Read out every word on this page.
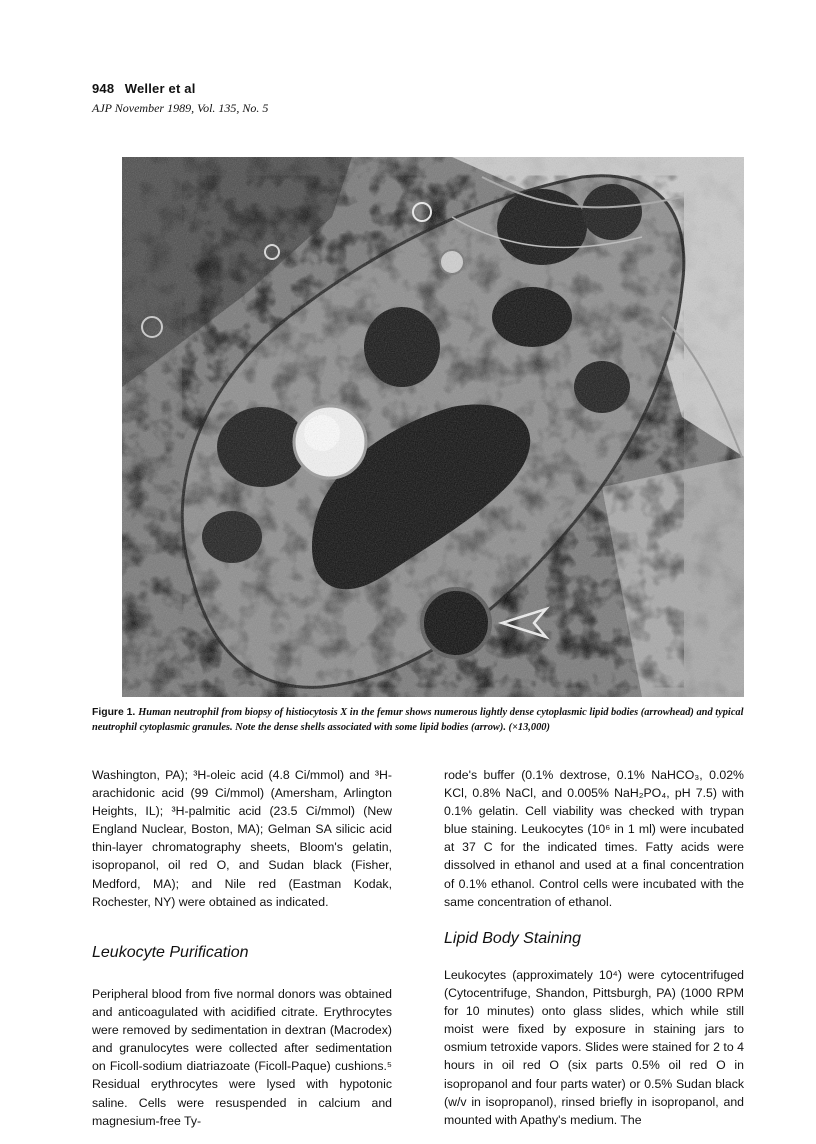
948 Weller et al
AJP November 1989, Vol. 135, No. 5
Figure 1. Human neutrophil from biopsy of histiocytosis X in the femur shows numerous lightly dense cytoplasmic lipid bodies (arrowhead) and typical neutrophil cytoplasmic granules. Note the dense shells associated with some lipid bodies (arrow). (×13,000)

Washington, PA); ³H-oleic acid (4.8 Ci/mmol) and ³H-arachidonic acid (99 Ci/mmol) (Amersham, Arlington Heights, IL); ³H-palmitic acid (23.5 Ci/mmol) (New England Nuclear, Boston, MA); Gelman SA silicic acid thin-layer chromatography sheets, Bloom's gelatin, isopropanol, oil red O, and Sudan black (Fisher, Medford, MA); and Nile red (Eastman Kodak, Rochester, NY) were obtained as indicated.

Leukocyte Purification
Peripheral blood from five normal donors was obtained and anticoagulated with acidified citrate. Erythrocytes were removed by sedimentation in dextran (Macrodex) and granulocytes were collected after sedimentation on Ficoll-sodium diatriazoate (Ficoll-Paque) cushions.⁵ Residual erythrocytes were lysed with hypotonic saline. Cells were resuspended in calcium and magnesium-free Ty-

rode's buffer (0.1% dextrose, 0.1% NaHCO₃, 0.02% KCl, 0.8% NaCl, and 0.005% NaH₂PO₄, pH 7.5) with 0.1% gelatin. Cell viability was checked with trypan blue staining. Leukocytes (10⁶ in 1 ml) were incubated at 37 C for the indicated times. Fatty acids were dissolved in ethanol and used at a final concentration of 0.1% ethanol. Control cells were incubated with the same concentration of ethanol.

Lipid Body Staining
Leukocytes (approximately 10⁴) were cytocentrifuged (Cytocentrifuge, Shandon, Pittsburgh, PA) (1000 RPM for 10 minutes) onto glass slides, which while still moist were fixed by exposure in staining jars to osmium tetroxide vapors. Slides were stained for 2 to 4 hours in oil red O (six parts 0.5% oil red O in isopropanol and four parts water) or 0.5% Sudan black (w/v in isopropanol), rinsed briefly in isopropanol, and mounted with Apathy's medium. The
